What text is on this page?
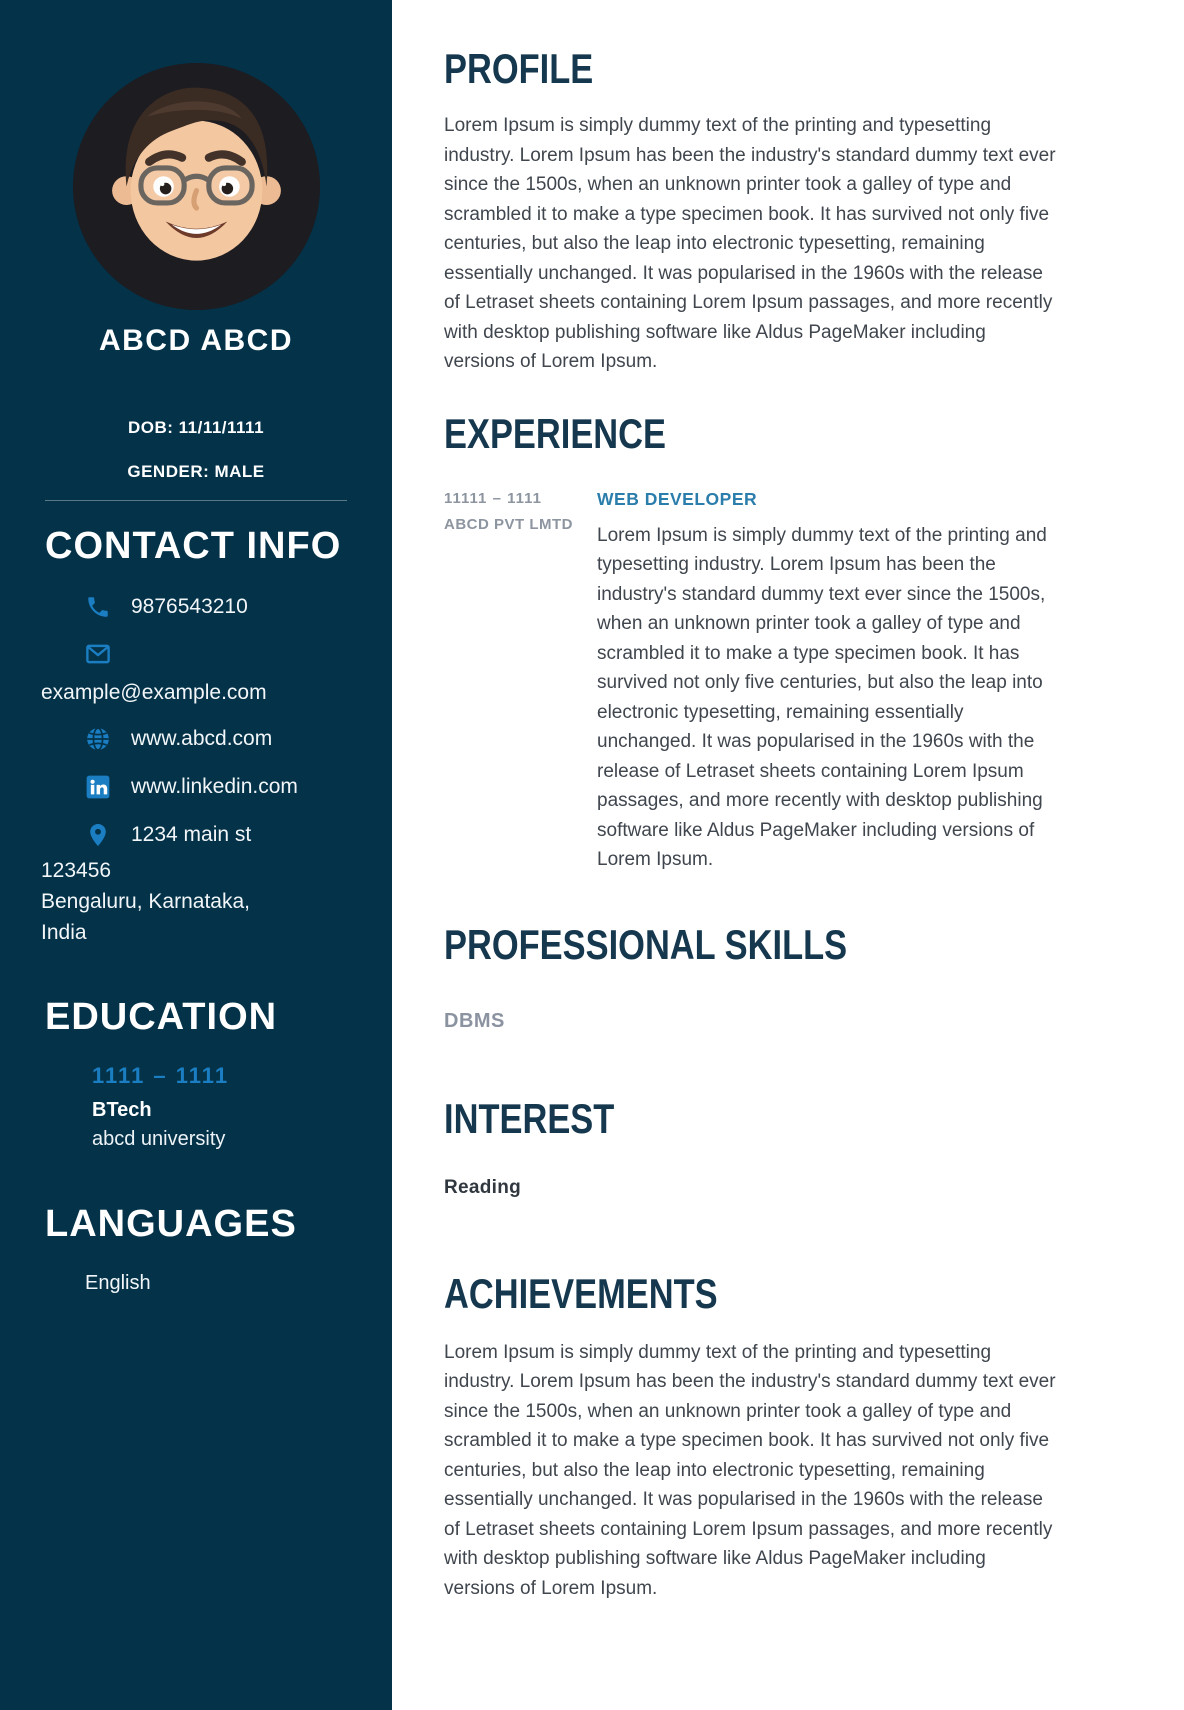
ABCD ABCD
DOB: 11/11/1111
GENDER: MALE
CONTACT INFO
9876543210
example@example.com
www.abcd.com
www.linkedin.com
1234 main st
123456
Bengaluru, Karnataka,
India
EDUCATION
1111 – 1111
BTech
abcd university
LANGUAGES
English
PROFILE

Lorem Ipsum is simply dummy text of the printing and typesetting industry. Lorem Ipsum has been the industry's standard dummy text ever since the 1500s, when an unknown printer took a galley of type and scrambled it to make a type specimen book. It has survived not only five centuries, but also the leap into electronic typesetting, remaining essentially unchanged. It was popularised in the 1960s with the release of Letraset sheets containing Lorem Ipsum passages, and more recently with desktop publishing software like Aldus PageMaker including versions of Lorem Ipsum.

EXPERIENCE
11111 – 1111
ABCD PVT LMTD
WEB DEVELOPER

Lorem Ipsum is simply dummy text of the printing and typesetting industry. Lorem Ipsum has been the industry's standard dummy text ever since the 1500s, when an unknown printer took a galley of type and scrambled it to make a type specimen book. It has survived not only five centuries, but also the leap into electronic typesetting, remaining essentially unchanged. It was popularised in the 1960s with the release of Letraset sheets containing Lorem Ipsum passages, and more recently with desktop publishing software like Aldus PageMaker including versions of Lorem Ipsum.

PROFESSIONAL SKILLS
DBMS
INTEREST
Reading
ACHIEVEMENTS

Lorem Ipsum is simply dummy text of the printing and typesetting industry. Lorem Ipsum has been the industry's standard dummy text ever since the 1500s, when an unknown printer took a galley of type and scrambled it to make a type specimen book. It has survived not only five centuries, but also the leap into electronic typesetting, remaining essentially unchanged. It was popularised in the 1960s with the release of Letraset sheets containing Lorem Ipsum passages, and more recently with desktop publishing software like Aldus PageMaker including versions of Lorem Ipsum.
